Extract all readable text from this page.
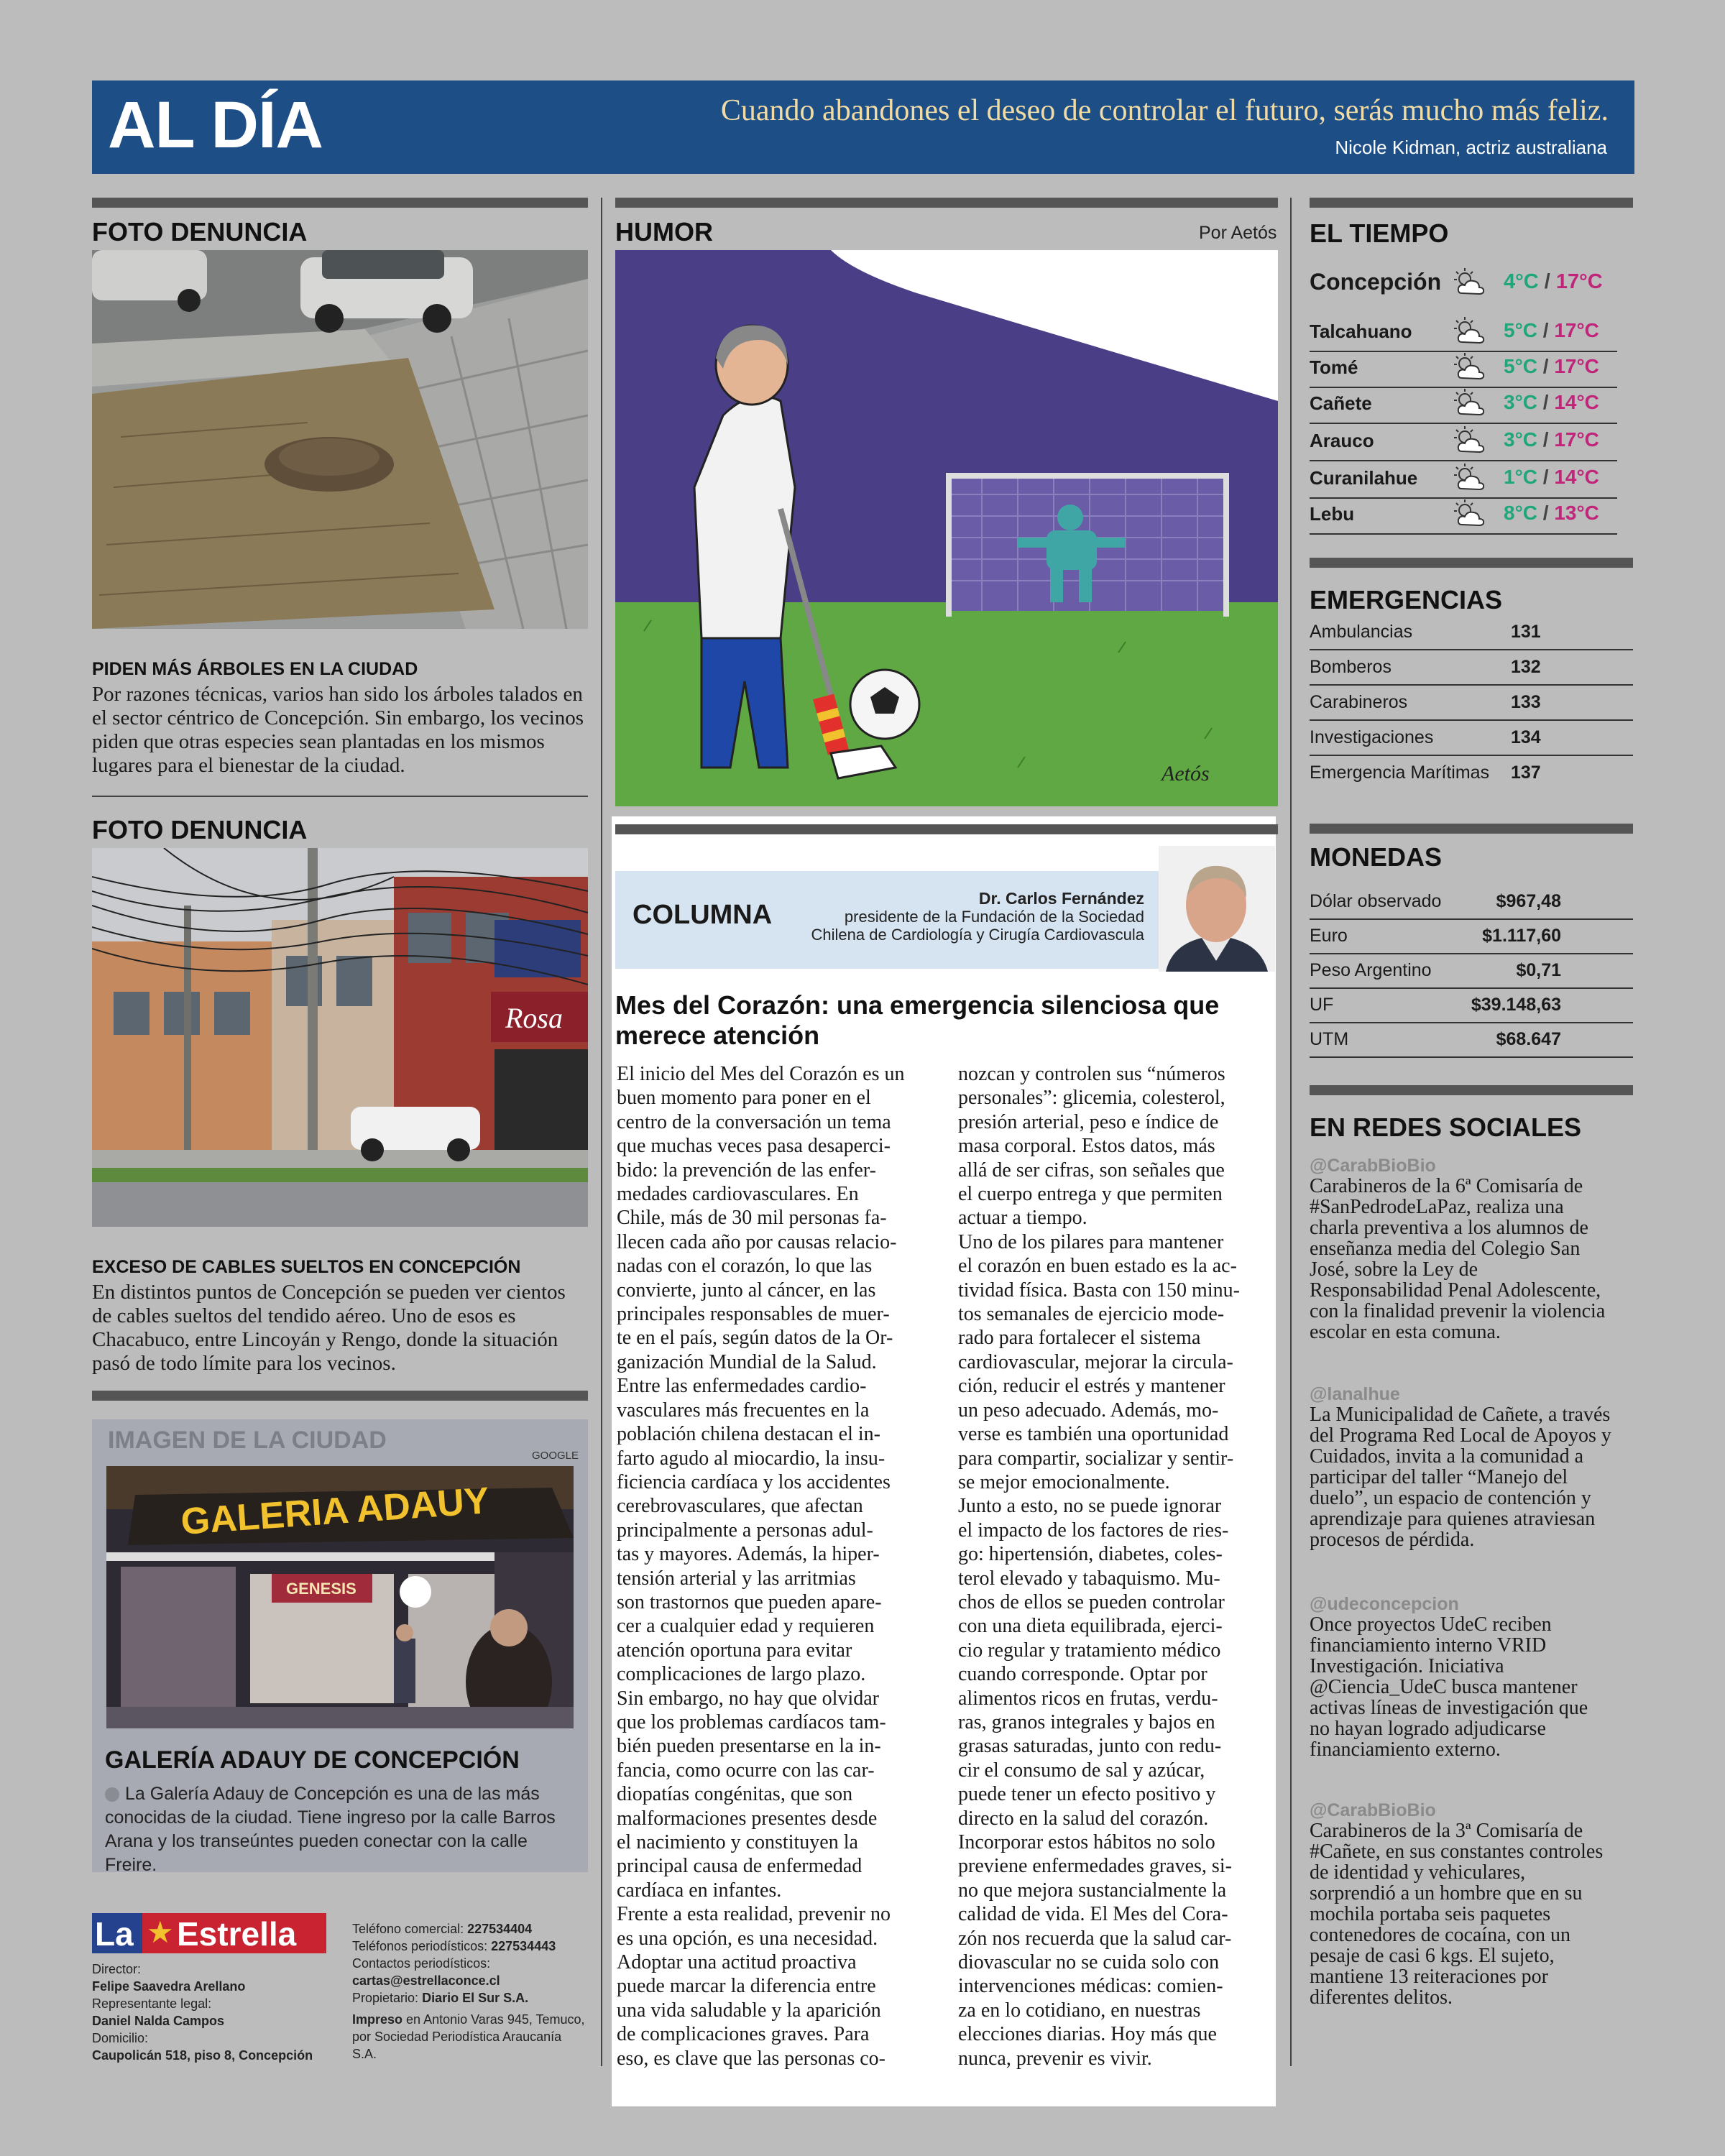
AL DÍA	Cuando abandones el deseo de controlar el futuro, serás mucho más feliz.
Nicole Kidman, actriz australiana
FOTO DENUNCIA
PIDEN MÁS ÁRBOLES EN LA CIUDAD
Por razones técnicas, varios han sido los árboles talados en el sector céntrico de Concepción. Sin embargo, los vecinos piden que otras especies sean plantadas en los mismos lugares para el bienestar de la ciudad.
FOTO DENUNCIA
Rosa
EXCESO DE CABLES SUELTOS EN CONCEPCIÓN
En distintos puntos de Concepción se pueden ver cientos de cables sueltos del tendido aéreo. Uno de esos es Chacabuco, entre Lincoyán y Rengo, donde la situación pasó de todo límite para los vecinos.
IMAGEN DE LA CIUDAD
GOOGLE
GALERIA ADAUY
GENESIS
GALERÍA ADAUY DE CONCEPCIÓN
La Galería Adauy de Concepción es una de las más conocidas de la ciudad. Tiene ingreso por la calle Barros Arana y los transeúntes pueden conectar con la calle Freire.
La ★ Estrella
Director:
Felipe Saavedra Arellano
Representante legal:
Daniel Nalda Campos
Domicilio:
Caupolicán 518, piso 8, Concepción
Teléfono comercial: 227534404
Teléfonos periodísticos: 227534443
Contactos periodísticos:
cartas@estrellaconce.cl
Propietario: Diario El Sur S.A.
Impreso en Antonio Varas 945, Temuco, por Sociedad Periodística Araucanía S.A.
HUMOR	Por Aetós
Aetós
COLUMNA
Dr. Carlos Fernández
presidente de la Fundación de la Sociedad
Chilena de Cardiología y Cirugía Cardiovascula
Mes del Corazón: una emergencia silenciosa que
merece atención

El inicio del Mes del Corazón es un

buen momento para poner en el

centro de la conversación un tema

que muchas veces pasa desaperci-

bido: la prevención de las enfer-

medades cardiovasculares. En

Chile, más de 30 mil personas fa-

llecen cada año por causas relacio-

nadas con el corazón, lo que las

convierte, junto al cáncer, en las

principales responsables de muer-

te en el país, según datos de la Or-

ganización Mundial de la Salud.

Entre las enfermedades cardio-

vasculares más frecuentes en la

población chilena destacan el in-

farto agudo al miocardio, la insu-

ficiencia cardíaca y los accidentes

cerebrovasculares, que afectan

principalmente a personas adul-

tas y mayores. Además, la hiper-

tensión arterial y las arritmias

son trastornos que pueden apare-

cer a cualquier edad y requieren

atención oportuna para evitar

complicaciones de largo plazo.

Sin embargo, no hay que olvidar

que los problemas cardíacos tam-

bién pueden presentarse en la in-

fancia, como ocurre con las car-

diopatías congénitas, que son

malformaciones presentes desde

el nacimiento y constituyen la

principal causa de enfermedad

cardíaca en infantes.

Frente a esta realidad, prevenir no

es una opción, es una necesidad.

Adoptar una actitud proactiva

puede marcar la diferencia entre

una vida saludable y la aparición

de complicaciones graves. Para

eso, es clave que las personas co-

nozcan y controlen sus “números

personales”: glicemia, colesterol,

presión arterial, peso e índice de

masa corporal. Estos datos, más

allá de ser cifras, son señales que

el cuerpo entrega y que permiten

actuar a tiempo.

Uno de los pilares para mantener

el corazón en buen estado es la ac-

tividad física. Basta con 150 minu-

tos semanales de ejercicio mode-

rado para fortalecer el sistema

cardiovascular, mejorar la circula-

ción, reducir el estrés y mantener

un peso adecuado. Además, mo-

verse es también una oportunidad

para compartir, socializar y sentir-

se mejor emocionalmente.

Junto a esto, no se puede ignorar

el impacto de los factores de ries-

go: hipertensión, diabetes, coles-

terol elevado y tabaquismo. Mu-

chos de ellos se pueden controlar

con una dieta equilibrada, ejerci-

cio regular y tratamiento médico

cuando corresponde. Optar por

alimentos ricos en frutas, verdu-

ras, granos integrales y bajos en

grasas saturadas, junto con redu-

cir el consumo de sal y azúcar,

puede tener un efecto positivo y

directo en la salud del corazón.

Incorporar estos hábitos no solo

previene enfermedades graves, si-

no que mejora sustancialmente la

calidad de vida. El Mes del Cora-

zón nos recuerda que la salud car-

diovascular no se cuida solo con

intervenciones médicas: comien-

za en lo cotidiano, en nuestras

elecciones diarias. Hoy más que

nunca, prevenir es vivir.

EL TIEMPO
Concepción	4°C / 17°C
Talcahuano	5°C / 17°C
Tomé	5°C / 17°C
Cañete	3°C / 14°C
Arauco	3°C / 17°C
Curanilahue	1°C / 14°C
Lebu	8°C / 13°C
EMERGENCIAS
Ambulancias	131
Bomberos	132
Carabineros	133
Investigaciones	134
Emergencia Marítimas 137
MONEDAS
Dólar observado	$967,48
Euro	$1.117,60
Peso Argentino	$0,71
UF	$39.148,63
UTM	$68.647
EN REDES SOCIALES
@CarabBioBio
Carabineros de la 6ª Comisaría de #SanPedrodeLaPaz, realiza una charla preventiva a los alumnos de enseñanza media del Colegio San José, sobre la Ley de Responsabilidad Penal Adolescente, con la finalidad prevenir la violencia escolar en esta comuna.
@lanalhue
La Municipalidad de Cañete, a través del Programa Red Local de Apoyos y Cuidados, invita a la comunidad a participar del taller “Manejo del duelo”, un espacio de contención y aprendizaje para quienes atraviesan procesos de pérdida.
@udeconcepcion
Once proyectos UdeC reciben financiamiento interno VRID Investigación. Iniciativa @Ciencia_UdeC busca mantener activas líneas de investigación que no hayan logrado adjudicarse financiamiento externo.
@CarabBioBio
Carabineros de la 3ª Comisaría de #Cañete, en sus constantes controles de identidad y vehiculares, sorprendió a un hombre que en su mochila portaba seis paquetes contenedores de cocaína, con un pesaje de casi 6 kgs. El sujeto, mantiene 13 reiteraciones por diferentes delitos.
